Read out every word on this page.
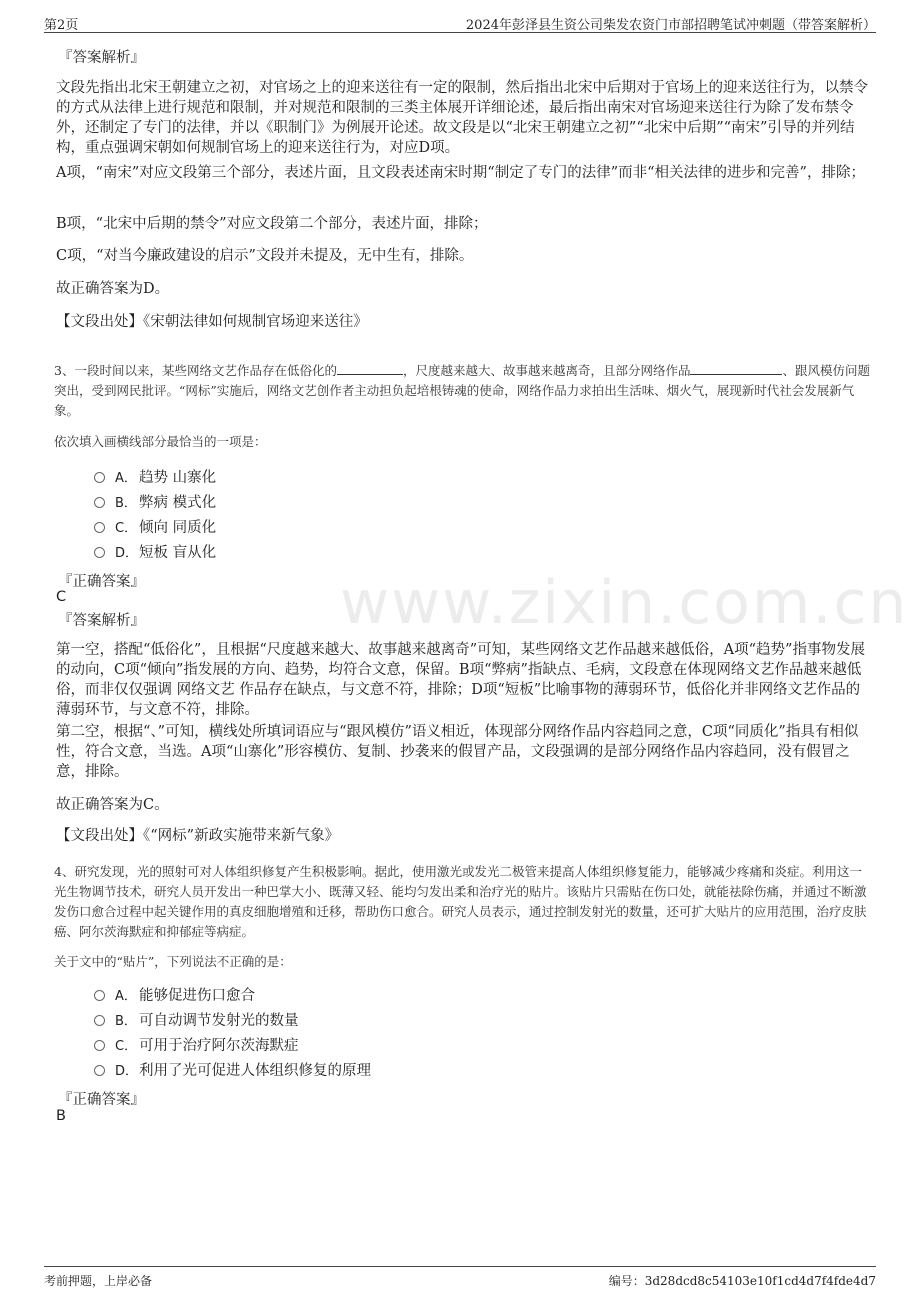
www.zixin.com.cn
第2页	2024年彭泽县生资公司柴发农资门市部招聘笔试冲刺题（带答案解析）
『答案解析』

文段先指出北宋王朝建立之初，对官场之上的迎来送往有一定的限制，然后指出北宋中后期对于官场上的迎来送往行为，以禁令的方式从法律上进行规范和限制，并对规范和限制的三类主体展开详细论述，最后指出南宋对官场迎来送往行为除了发布禁令外，还制定了专门的法律，并以《职制门》为例展开论述。故文段是以“北宋王朝建立之初”“北宋中后期”“南宋”引导的并列结构，重点强调宋朝如何规制官场上的迎来送往行为，对应D项。

A项，“南宋”对应文段第三个部分，表述片面，且文段表述南宋时期“制定了专门的法律”而非“相关法律的进步和完善”，排除；

B项，“北宋中后期的禁令”对应文段第二个部分，表述片面，排除；

C项，“对当今廉政建设的启示”文段并未提及，无中生有，排除。

故正确答案为D。

【文段出处】《宋朝法律如何规制官场迎来送往》

3、一段时间以来，某些网络文艺作品存在低俗化的	，尺度越来越大、故事越来越离奇，且部分网络作品	、跟风模仿问题突出，受到网民批评。“网标”实施后，网络文艺创作者主动担负起培根铸魂的使命，网络作品力求拍出生活味、烟火气，展现新时代社会发展新气象。
依次填入画横线部分最恰当的一项是：
A． 趋势 山寨化
B． 弊病 模式化
C． 倾向 同质化
D．短板 盲从化
『正确答案』
C
『答案解析』

第一空，搭配“低俗化”，且根据“尺度越来越大、故事越来越离奇”可知，某些网络文艺作品越来越低俗，A项“趋势”指事物发展的动向，C项“倾向”指发展的方向、趋势，均符合文意，保留。B项“弊病”指缺点、毛病，文段意在体现网络文艺作品越来越低俗，而非仅仅强调 网络文艺 作品存在缺点，与文意不符，排除；D项“短板”比喻事物的薄弱环节，低俗化并非网络文艺作品的薄弱环节，与文意不符，排除。

第二空，根据“、”可知，横线处所填词语应与“跟风模仿”语义相近，体现部分网络作品内容趋同之意，C项“同质化”指具有相似性，符合文意，当选。A项“山寨化”形容模仿、复制、抄袭来的假冒产品，文段强调的是部分网络作品内容趋同，没有假冒之意，排除。

故正确答案为C。

【文段出处】《“网标”新政实施带来新气象》

4、研究发现，光的照射可对人体组织修复产生积极影响。据此，使用激光或发光二极管来提高人体组织修复能力，能够减少疼痛和炎症。利用这一光生物调节技术，研究人员开发出一种巴掌大小、既薄又轻、能均匀发出柔和治疗光的贴片。该贴片只需贴在伤口处，就能祛除伤痛，并通过不断激发伤口愈合过程中起关键作用的真皮细胞增殖和迁移，帮助伤口愈合。研究人员表示，通过控制发射光的数量，还可扩大贴片的应用范围，治疗皮肤癌、阿尔茨海默症和抑郁症等病症。
关于文中的“贴片”，下列说法不正确的是：
A． 能够促进伤口愈合
B． 可自动调节发射光的数量
C． 可用于治疗阿尔茨海默症
D．利用了光可促进人体组织修复的原理
『正确答案』
B
考前押题，上岸必备	编号：3d28dcd8c54103e10f1cd4d7f4fde4d7
